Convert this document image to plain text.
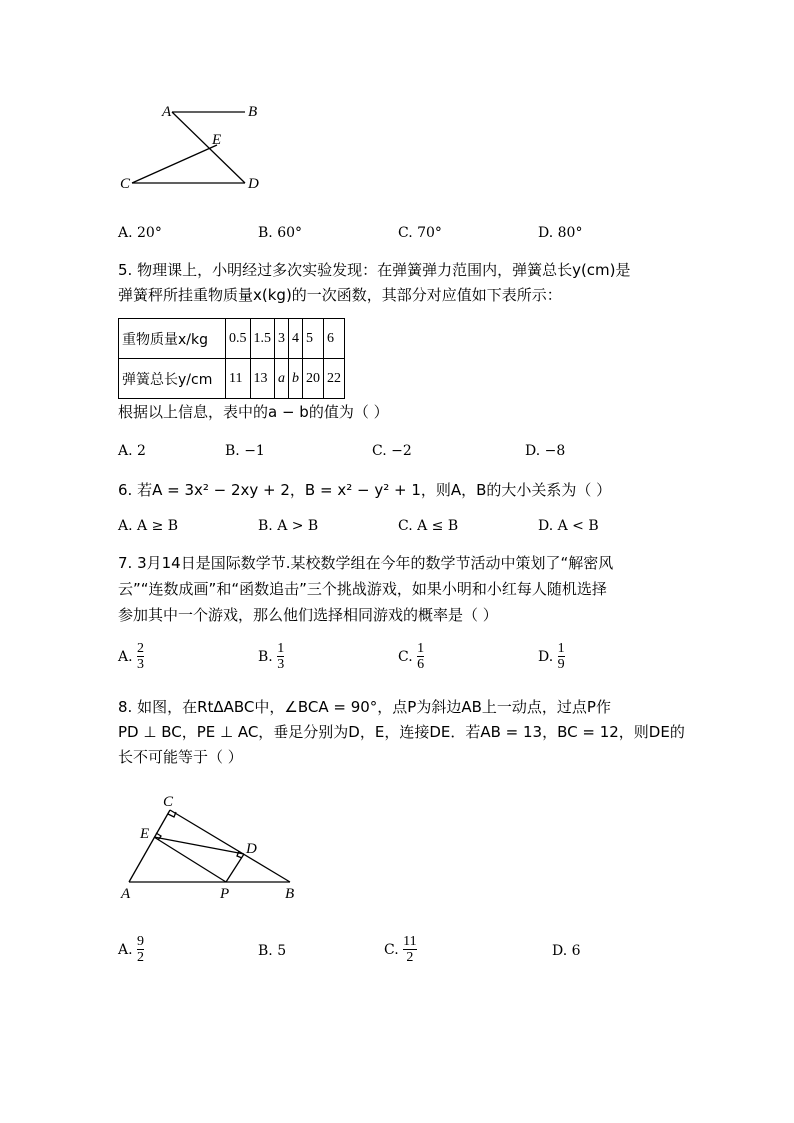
A	B
E
C	D
A. 20°	B. 60°	C. 70°	D. 80°
5. 物理课上，小明经过多次实验发现：在弹簧弹力范围内，弹簧总长y(cm)是
弹簧秤所挂重物质量x(kg)的一次函数，其部分对应值如下表所示：
重物质量x/kg	0.5	1.5	3	4	5	6
弹簧总长y/cm	11	13	a	b	20	22
根据以上信息，表中的a − b的值为（ ）
A. 2	B. −1	C. −2	D. −8
6. 若A = 3x² − 2xy + 2，B = x² − y² + 1，则A，B的大小关系为（ ）
A. A ≥ B	B. A > B	C. A ≤ B	D. A < B
7. 3月14日是国际数学节.某校数学组在今年的数学节活动中策划了“解密风
云”“连数成画”和“函数追击”三个挑战游戏，如果小明和小红每人随机选择
参加其中一个游戏，那么他们选择相同游戏的概率是（ ）
A. $\frac{2}{3}$	B. $\frac{1}{3}$	C. $\frac{1}{6}$	D. $\frac{1}{9}$
8. 如图，在RtΔABC中，∠BCA = 90°，点P为斜边AB上一动点，过点P作
PD ⊥ BC，PE ⊥ AC，垂足分别为D，E，连接DE．若AB = 13，BC = 12，则DE的
长不可能等于（ ）
C
E
D
A	P	B
A. $\frac{9}{2}$	B. 5	C. $\frac{11}{2}$	D. 6
